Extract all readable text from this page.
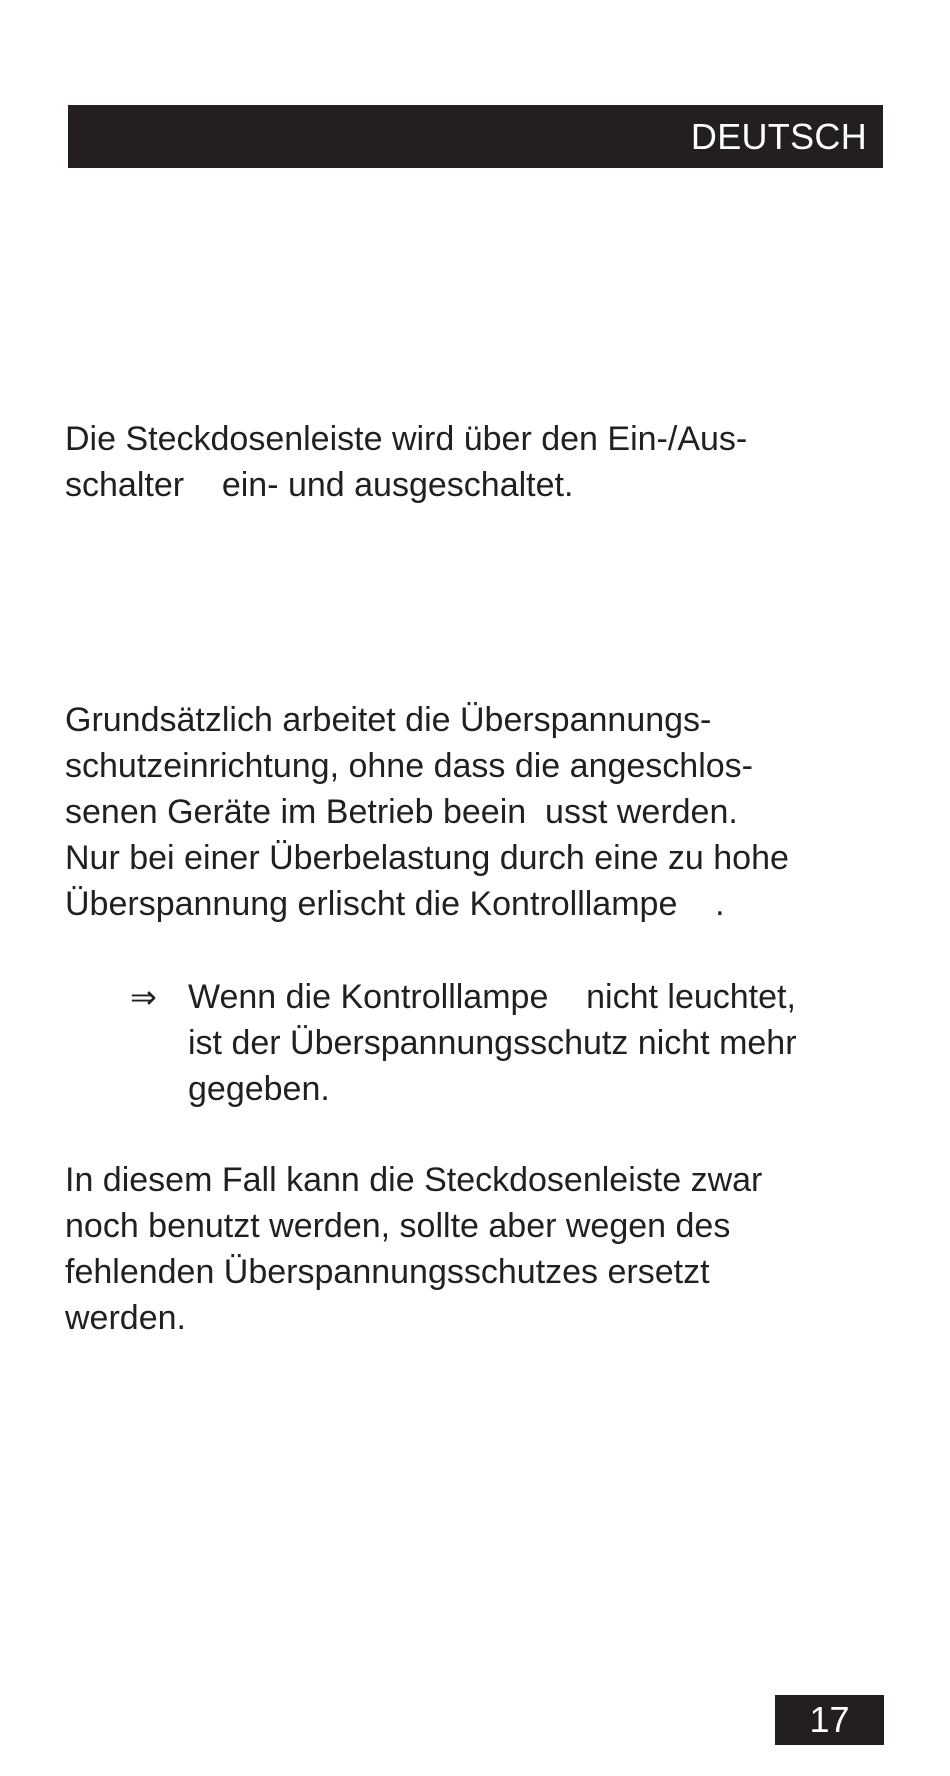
DEUTSCH

Die Steckdosenleiste wird über den Ein-/Aus-
schalter    ein- und ausgeschaltet.

Grundsätzlich arbeitet die Überspannungs-
schutzeinrichtung, ohne dass die angeschlos-
senen Geräte im Betrieb beein  usst werden.
Nur bei einer Überbelastung durch eine zu hohe
Überspannung erlischt die Kontrolllampe    .

⇒ Wenn die Kontrolllampe    nicht leuchtet,
ist der Überspannungsschutz nicht mehr
gegeben.

In diesem Fall kann die Steckdosenleiste zwar
noch benutzt werden, sollte aber wegen des
fehlenden Überspannungsschutzes ersetzt
werden.

17
